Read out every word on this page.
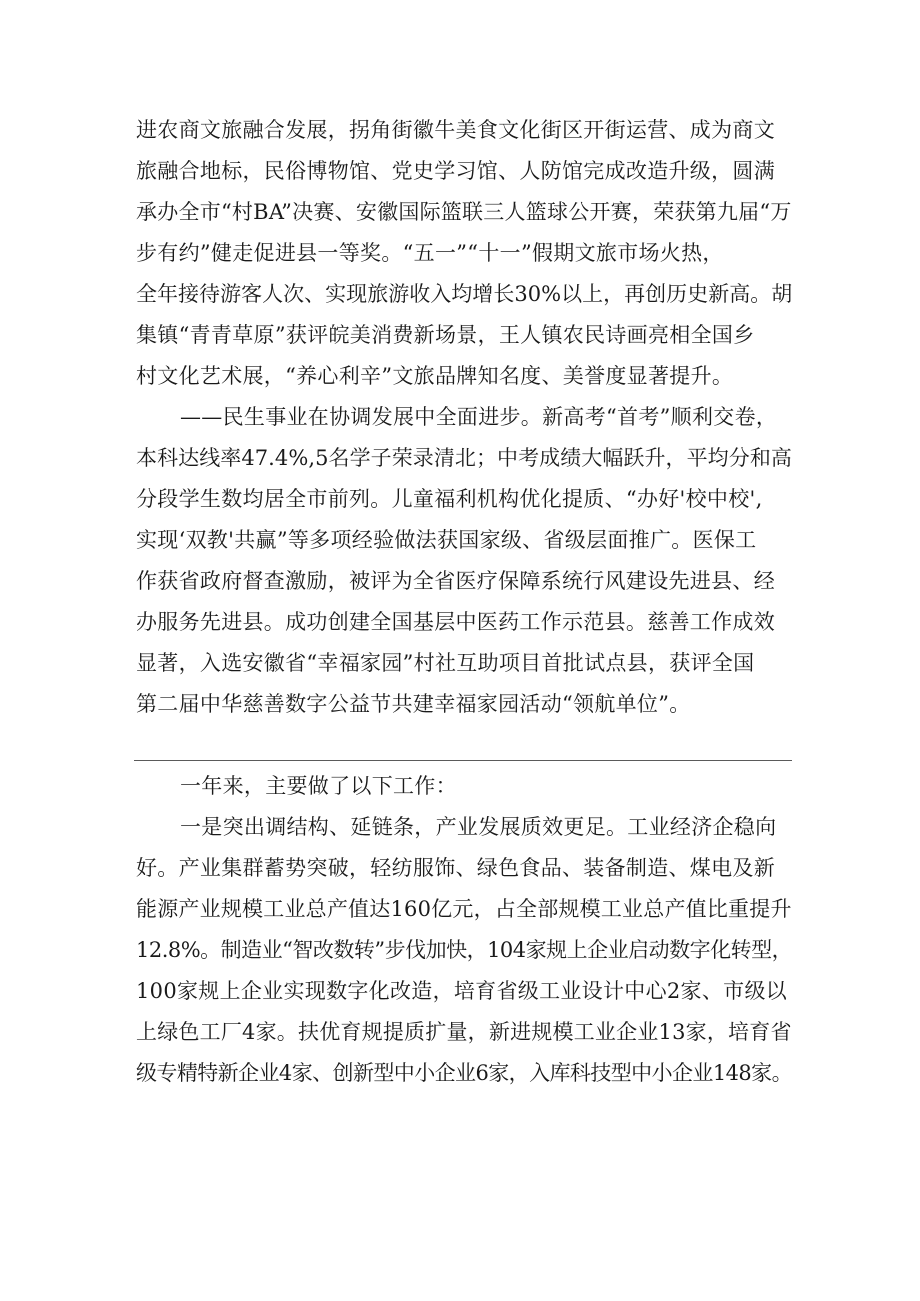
进农商文旅融合发展，拐角街徽牛美食文化街区开街运营、成为商文
旅融合地标，民俗博物馆、党史学习馆、人防馆完成改造升级，圆满
承办全市“村BA”决赛、安徽国际篮联三人篮球公开赛，荣获第九届“万
步有约”健走促进县一等奖。“五一”“十一”假期文旅市场火热，
全年接待游客人次、实现旅游收入均增长30%以上，再创历史新高。胡
集镇“青青草原”获评皖美消费新场景，王人镇农民诗画亮相全国乡
村文化艺术展，“养心利辛”文旅品牌知名度、美誉度显著提升。
——民生事业在协调发展中全面进步。新高考“首考”顺利交卷，
本科达线率47.4%,5名学子荣录清北；中考成绩大幅跃升，平均分和高
分段学生数均居全市前列。儿童福利机构优化提质、“办好'校中校',
实现‘双教'共赢”等多项经验做法获国家级、省级层面推广。医保工
作获省政府督查激励，被评为全省医疗保障系统行风建设先进县、经
办服务先进县。成功创建全国基层中医药工作示范县。慈善工作成效
显著，入选安徽省“幸福家园”村社互助项目首批试点县，获评全国
第二届中华慈善数字公益节共建幸福家园活动“领航单位”。
一年来，主要做了以下工作：
一是突出调结构、延链条，产业发展质效更足。工业经济企稳向
好。产业集群蓄势突破，轻纺服饰、绿色食品、装备制造、煤电及新
能源产业规模工业总产值达160亿元，占全部规模工业总产值比重提升
12.8%。制造业“智改数转”步伐加快，104家规上企业启动数字化转型，
100家规上企业实现数字化改造，培育省级工业设计中心2家、市级以
上绿色工厂4家。扶优育规提质扩量，新进规模工业企业13家，培育省
级专精特新企业4家、创新型中小企业6家，入库科技型中小企业148家。
